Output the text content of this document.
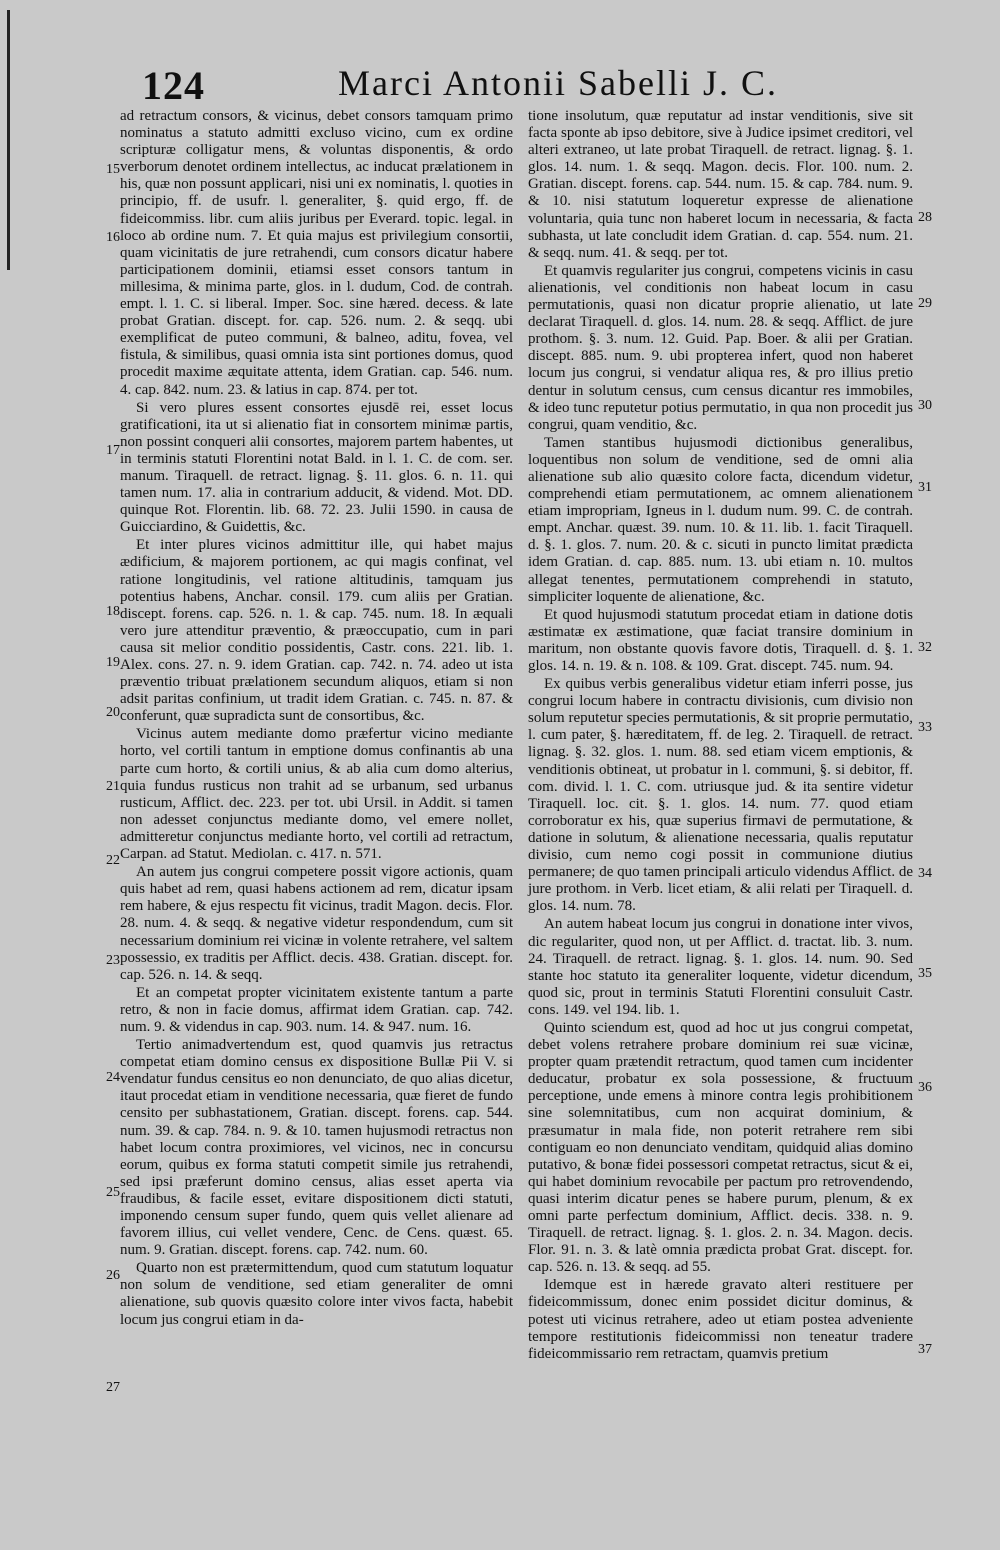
124	Marci Antonii Sabelli J. C.

ad retractum consors, & vicinus, debet consors tamquam primo nominatus a statuto admitti excluso vicino, cum ex ordine scripturæ colligatur mens, & voluntas disponentis, & ordo verborum denotet ordinem intellectus, ac inducat prælationem in his, quæ non possunt applicari, nisi uni ex nominatis, l. quoties in principio, ff. de usufr. l. generaliter, §. quid ergo, ff. de fideicommiss. libr. cum aliis juribus per Everard. topic. legal. in loco ab ordine num. 7. Et quia majus est privilegium consortii, quam vicinitatis de jure retrahendi, cum consors dicatur habere participationem dominii, etiamsi esset consors tantum in millesima, & minima parte, glos. in l. dudum, Cod. de contrah. empt. l. 1. C. si liberal. Imper. Soc. sine hæred. decess. & late probat Gratian. discept. for. cap. 526. num. 2. & seqq. ubi exemplificat de puteo communi, & balneo, aditu, fovea, vel fistula, & similibus, quasi omnia ista sint portiones domus, quod procedit maxime æquitate attenta, idem Gratian. cap. 546. num. 4. cap. 842. num. 23. & latius in cap. 874. per tot.

Si vero plures essent consortes ejusdē rei, esset locus gratificationi, ita ut si alienatio fiat in consortem minimæ partis, non possint conqueri alii consortes, majorem partem habentes, ut in terminis statuti Florentini notat Bald. in l. 1. C. de com. ser. manum. Tiraquell. de retract. lignag. §. 11. glos. 6. n. 11. qui tamen num. 17. alia in contrarium adducit, & vidend. Mot. DD. quinque Rot. Florentin. lib. 68. 72. 23. Julii 1590. in causa de Guicciardino, & Guidettis, &c.

Et inter plures vicinos admittitur ille, qui habet majus ædificium, & majorem portionem, ac qui magis confinat, vel ratione longitudinis, vel ratione altitudinis, tamquam jus potentius habens, Anchar. consil. 179. cum aliis per Gratian. discept. forens. cap. 526. n. 1. & cap. 745. num. 18. In æquali vero jure attenditur præventio, & præoccupatio, cum in pari causa sit melior conditio possidentis, Castr. cons. 221. lib. 1. Alex. cons. 27. n. 9. idem Gratian. cap. 742. n. 74. adeo ut ista præventio tribuat prælationem secundum aliquos, etiam si non adsit paritas confinium, ut tradit idem Gratian. c. 745. n. 87. & conferunt, quæ supradicta sunt de consortibus, &c.

Vicinus autem mediante domo præfertur vicino mediante horto, vel cortili tantum in emptione domus confinantis ab una parte cum horto, & cortili unius, & ab alia cum domo alterius, quia fundus rusticus non trahit ad se urbanum, sed urbanus rusticum, Afflict. dec. 223. per tot. ubi Ursil. in Addit. si tamen non adesset conjunctus mediante domo, vel emere nollet, admitteretur conjunctus mediante horto, vel cortili ad retractum, Carpan. ad Statut. Mediolan. c. 417. n. 571.

An autem jus congrui competere possit vigore actionis, quam quis habet ad rem, quasi habens actionem ad rem, dicatur ipsam rem habere, & ejus respectu fit vicinus, tradit Magon. decis. Flor. 28. num. 4. & seqq. & negative videtur respondendum, cum sit necessarium dominium rei vicinæ in volente retrahere, vel saltem possessio, ex traditis per Afflict. decis. 438. Gratian. discept. for. cap. 526. n. 14. & seqq.

Et an competat propter vicinitatem existente tantum a parte retro, & non in facie domus, affirmat idem Gratian. cap. 742. num. 9. & videndus in cap. 903. num. 14. & 947. num. 16.

Tertio animadvertendum est, quod quamvis jus retractus competat etiam domino census ex dispositione Bullæ Pii V. si vendatur fundus censitus eo non denunciato, de quo alias dicetur, itaut procedat etiam in venditione necessaria, quæ fieret de fundo censito per subhastationem, Gratian. discept. forens. cap. 544. num. 39. & cap. 784. n. 9. & 10. tamen hujusmodi retractus non habet locum contra proximiores, vel vicinos, nec in concursu eorum, quibus ex forma statuti competit simile jus retrahendi, sed ipsi præferunt domino census, alias esset aperta via fraudibus, & facile esset, evitare dispositionem dicti statuti, imponendo censum super fundo, quem quis vellet alienare ad favorem illius, cui vellet vendere, Cenc. de Cens. quæst. 65. num. 9. Gratian. discept. forens. cap. 742. num. 60.

Quarto non est prætermittendum, quod cum statutum loquatur non solum de venditione, sed etiam generaliter de omni alienatione, sub quovis quæsito colore inter vivos facta, habebit locum jus congrui etiam in da-

tione insolutum, quæ reputatur ad instar venditionis, sive sit facta sponte ab ipso debitore, sive à Judice ipsimet creditori, vel alteri extraneo, ut late probat Tiraquell. de retract. lignag. §. 1. glos. 14. num. 1. & seqq. Magon. decis. Flor. 100. num. 2. Gratian. discept. forens. cap. 544. num. 15. & cap. 784. num. 9. & 10. nisi statutum loqueretur expresse de alienatione voluntaria, quia tunc non haberet locum in necessaria, & facta subhasta, ut late concludit idem Gratian. d. cap. 554. num. 21. & seqq. num. 41. & seqq. per tot.

Et quamvis regulariter jus congrui, competens vicinis in casu alienationis, vel conditionis non habeat locum in casu permutationis, quasi non dicatur proprie alienatio, ut late declarat Tiraquell. d. glos. 14. num. 28. & seqq. Afflict. de jure prothom. §. 3. num. 12. Guid. Pap. Boer. & alii per Gratian. discept. 885. num. 9. ubi propterea infert, quod non haberet locum jus congrui, si vendatur aliqua res, & pro illius pretio dentur in solutum census, cum census dicantur res immobiles, & ideo tunc reputetur potius permutatio, in qua non procedit jus congrui, quam venditio, &c.

Tamen stantibus hujusmodi dictionibus generalibus, loquentibus non solum de venditione, sed de omni alia alienatione sub alio quæsito colore facta, dicendum videtur, comprehendi etiam permutationem, ac omnem alienationem etiam impropriam, Igneus in l. dudum num. 99. C. de contrah. empt. Anchar. quæst. 39. num. 10. & 11. lib. 1. facit Tiraquell. d. §. 1. glos. 7. num. 20. & c. sicuti in puncto limitat prædicta idem Gratian. d. cap. 885. num. 13. ubi etiam n. 10. multos allegat tenentes, permutationem comprehendi in statuto, simpliciter loquente de alienatione, &c.

Et quod hujusmodi statutum procedat etiam in datione dotis æstimatæ ex æstimatione, quæ faciat transire dominium in maritum, non obstante quovis favore dotis, Tiraquell. d. §. 1. glos. 14. n. 19. & n. 108. & 109. Grat. discept. 745. num. 94.

Ex quibus verbis generalibus videtur etiam inferri posse, jus congrui locum habere in contractu divisionis, cum divisio non solum reputetur species permutationis, & sit proprie permutatio, l. cum pater, §. hæreditatem, ff. de leg. 2. Tiraquell. de retract. lignag. §. 32. glos. 1. num. 88. sed etiam vicem emptionis, & venditionis obtineat, ut probatur in l. communi, §. si debitor, ff. com. divid. l. 1. C. com. utriusque jud. & ita sentire videtur Tiraquell. loc. cit. §. 1. glos. 14. num. 77. quod etiam corroboratur ex his, quæ superius firmavi de permutatione, & datione in solutum, & alienatione necessaria, qualis reputatur divisio, cum nemo cogi possit in communione diutius permanere; de quo tamen principali articulo videndus Afflict. de jure prothom. in Verb. licet etiam, & alii relati per Tiraquell. d. glos. 14. num. 78.

An autem habeat locum jus congrui in donatione inter vivos, dic regulariter, quod non, ut per Afflict. d. tractat. lib. 3. num. 24. Tiraquell. de retract. lignag. §. 1. glos. 14. num. 90. Sed stante hoc statuto ita generaliter loquente, videtur dicendum, quod sic, prout in terminis Statuti Florentini consuluit Castr. cons. 149. vel 194. lib. 1.

Quinto sciendum est, quod ad hoc ut jus congrui competat, debet volens retrahere probare dominium rei suæ vicinæ, propter quam prætendit retractum, quod tamen cum incidenter deducatur, probatur ex sola possessione, & fructuum perceptione, unde emens à minore contra legis prohibitionem sine solemnitatibus, cum non acquirat dominium, & præsumatur in mala fide, non poterit retrahere rem sibi contiguam eo non denunciato venditam, quidquid alias domino putativo, & bonæ fidei possessori competat retractus, sicut & ei, qui habet dominium revocabile per pactum pro retrovendendo, quasi interim dicatur penes se habere purum, plenum, & ex omni parte perfectum dominium, Afflict. decis. 338. n. 9. Tiraquell. de retract. lignag. §. 1. glos. 2. n. 34. Magon. decis. Flor. 91. n. 3. & latè omnia prædicta probat Grat. discept. for. cap. 526. n. 13. & seqq. ad 55.

Idemque est in hærede gravato alteri restituere per fideicommissum, donec enim possidet dicitur dominus, & potest uti vicinus retrahere, adeo ut etiam postea adveniente tempore restitutionis fideicommissi non teneatur tradere fideicommissario rem retractam, quamvis pretium

15
16
17
18
19
20
21
22
23
24
25
26
27
28
29
30
31
32
33
34
35
36
37
